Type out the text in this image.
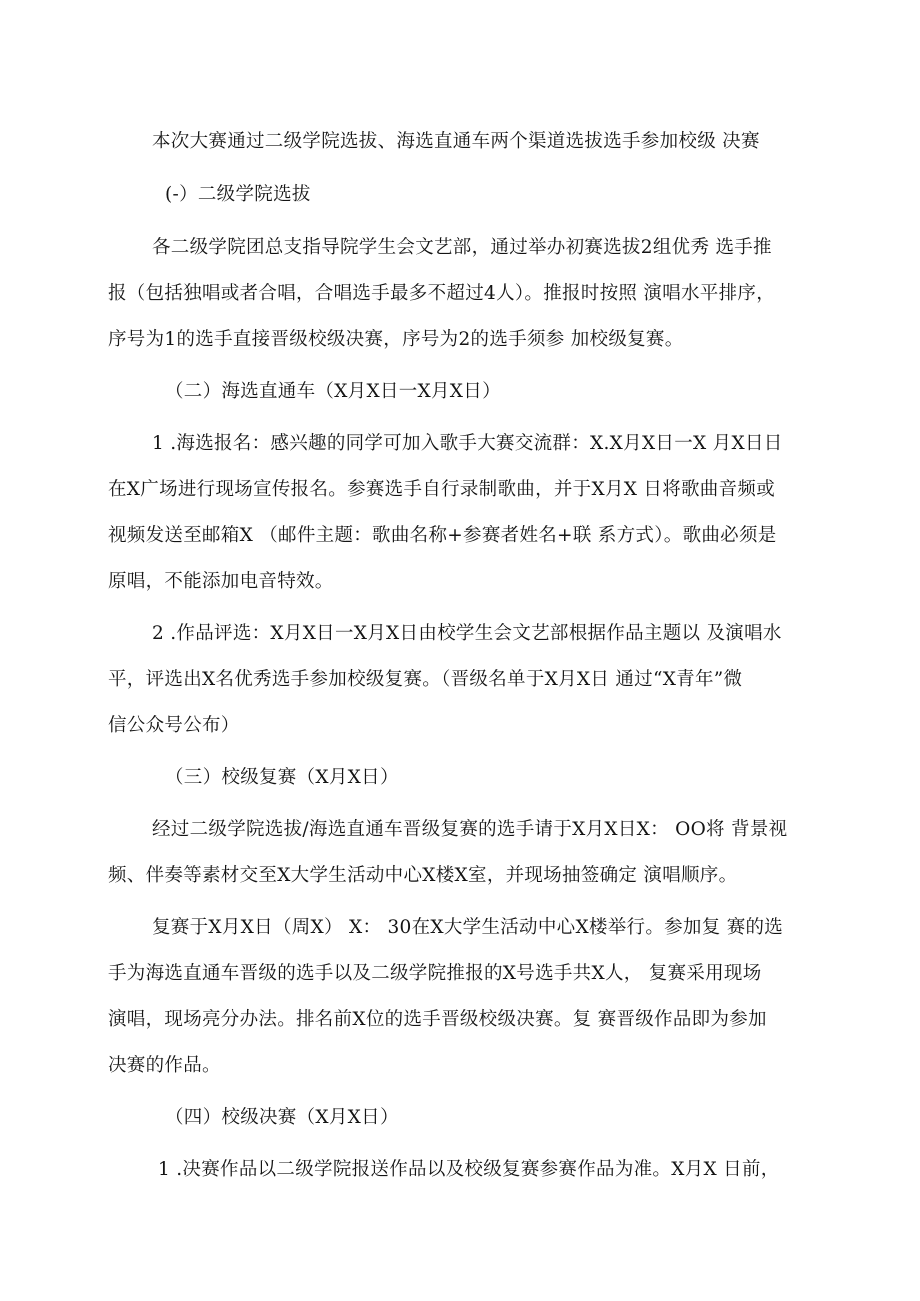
本次大赛通过二级学院选拔、海选直通车两个渠道选拔选手参加校级 决赛
(-）二级学院选拔
各二级学院团总支指导院学生会文艺部，通过举办初赛选拔2组优秀 选手推
报（包括独唱或者合唱，合唱选手最多不超过4人）。推报时按照 演唱水平排序，
序号为1的选手直接晋级校级决赛，序号为2的选手须参 加校级复赛。
（二）海选直通车（X月X日一X月X日）
1 .海选报名：感兴趣的同学可加入歌手大赛交流群：X.X月X日一X 月X日日
在X广场进行现场宣传报名。参赛选手自行录制歌曲，并于X月X 日将歌曲音频或
视频发送至邮箱X （邮件主题：歌曲名称+参赛者姓名+联 系方式）。歌曲必须是
原唱，不能添加电音特效。
2 .作品评选：X月X日一X月X日由校学生会文艺部根据作品主题以 及演唱水
平，评选出X名优秀选手参加校级复赛。（晋级名单于X月X日 通过“X青年”微
信公众号公布）
（三）校级复赛（X月X日）
经过二级学院选拔/海选直通车晋级复赛的选手请于X月X日X： OO将 背景视
频、伴奏等素材交至X大学生活动中心X楼X室，并现场抽签确定 演唱顺序。
复赛于X月X日（周X） X： 30在X大学生活动中心X楼举行。参加复 赛的选
手为海选直通车晋级的选手以及二级学院推报的X号选手共X人， 复赛采用现场
演唱，现场亮分办法。排名前X位的选手晋级校级决赛。复 赛晋级作品即为参加
决赛的作品。
（四）校级决赛（X月X日）
1 .决赛作品以二级学院报送作品以及校级复赛参赛作品为准。X月X 日前，
